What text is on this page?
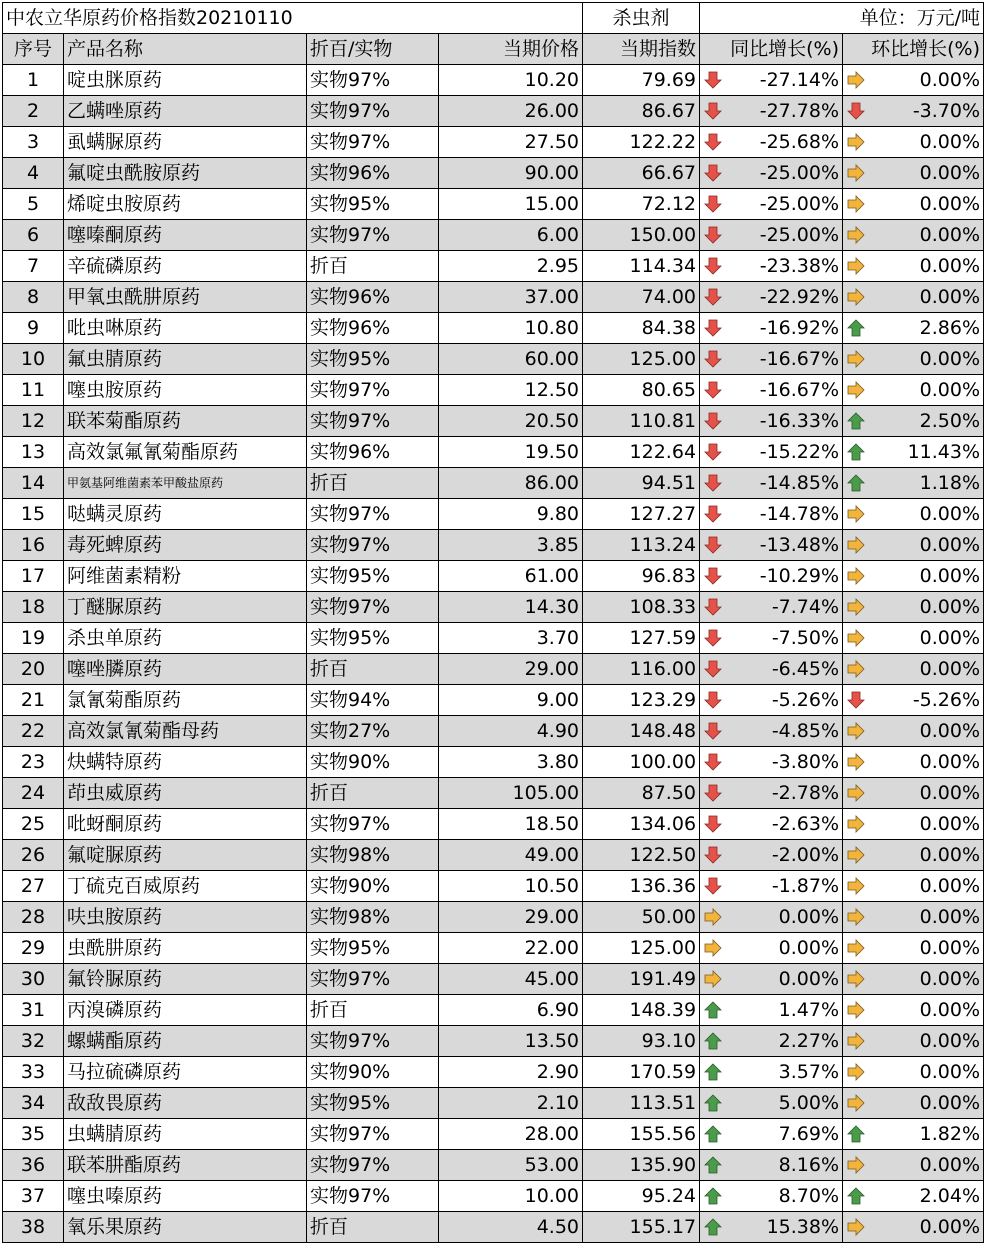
中农立华原药价格指数20210110				杀虫剂	单位：万元/吨	
序号	产品名称	折百/实物	当期价格	当期指数	同比增长(%)	环比增长(%)
1	啶虫脒原药	实物97%	10.20	79.69	-27.14%	0.00%

2	乙螨唑原药	实物97%	26.00	86.67	-27.78%	-3.70%

3	虱螨脲原药	实物97%	27.50	122.22	-25.68%	0.00%

4	氟啶虫酰胺原药	实物96%	90.00	66.67	-25.00%	0.00%

5	烯啶虫胺原药	实物95%	15.00	72.12	-25.00%	0.00%

6	噻嗪酮原药	实物97%	6.00	150.00	-25.00%	0.00%

7	辛硫磷原药	折百	2.95	114.34	-23.38%	0.00%

8	甲氧虫酰肼原药	实物96%	37.00	74.00	-22.92%	0.00%

9	吡虫啉原药	实物96%	10.80	84.38	-16.92%	2.86%

10	氟虫腈原药	实物95%	60.00	125.00	-16.67%	0.00%

11	噻虫胺原药	实物97%	12.50	80.65	-16.67%	0.00%

12	联苯菊酯原药	实物97%	20.50	110.81	-16.33%	2.50%

13	高效氯氟氰菊酯原药	实物96%	19.50	122.64	-15.22%	11.43%

14	甲氨基阿维菌素苯甲酸盐原药	折百	86.00	94.51	-14.85%	1.18%

15	哒螨灵原药	实物97%	9.80	127.27	-14.78%	0.00%

16	毒死蜱原药	实物97%	3.85	113.24	-13.48%	0.00%

17	阿维菌素精粉	实物95%	61.00	96.83	-10.29%	0.00%

18	丁醚脲原药	实物97%	14.30	108.33	-7.74%	0.00%

19	杀虫单原药	实物95%	3.70	127.59	-7.50%	0.00%

20	噻唑膦原药	折百	29.00	116.00	-6.45%	0.00%

21	氯氰菊酯原药	实物94%	9.00	123.29	-5.26%	-5.26%

22	高效氯氰菊酯母药	实物27%	4.90	148.48	-4.85%	0.00%

23	炔螨特原药	实物90%	3.80	100.00	-3.80%	0.00%

24	茚虫威原药	折百	105.00	87.50	-2.78%	0.00%

25	吡蚜酮原药	实物97%	18.50	134.06	-2.63%	0.00%

26	氟啶脲原药	实物98%	49.00	122.50	-2.00%	0.00%

27	丁硫克百威原药	实物90%	10.50	136.36	-1.87%	0.00%

28	呋虫胺原药	实物98%	29.00	50.00	0.00%	0.00%

29	虫酰肼原药	实物95%	22.00	125.00	0.00%	0.00%

30	氟铃脲原药	实物97%	45.00	191.49	0.00%	0.00%

31	丙溴磷原药	折百	6.90	148.39	1.47%	0.00%

32	螺螨酯原药	实物97%	13.50	93.10	2.27%	0.00%

33	马拉硫磷原药	实物90%	2.90	170.59	3.57%	0.00%

34	敌敌畏原药	实物95%	2.10	113.51	5.00%	0.00%

35	虫螨腈原药	实物97%	28.00	155.56	7.69%	1.82%

36	联苯肼酯原药	实物97%	53.00	135.90	8.16%	0.00%

37	噻虫嗪原药	实物97%	10.00	95.24	8.70%	2.04%

38	氧乐果原药	折百	4.50	155.17	15.38%	0.00%
